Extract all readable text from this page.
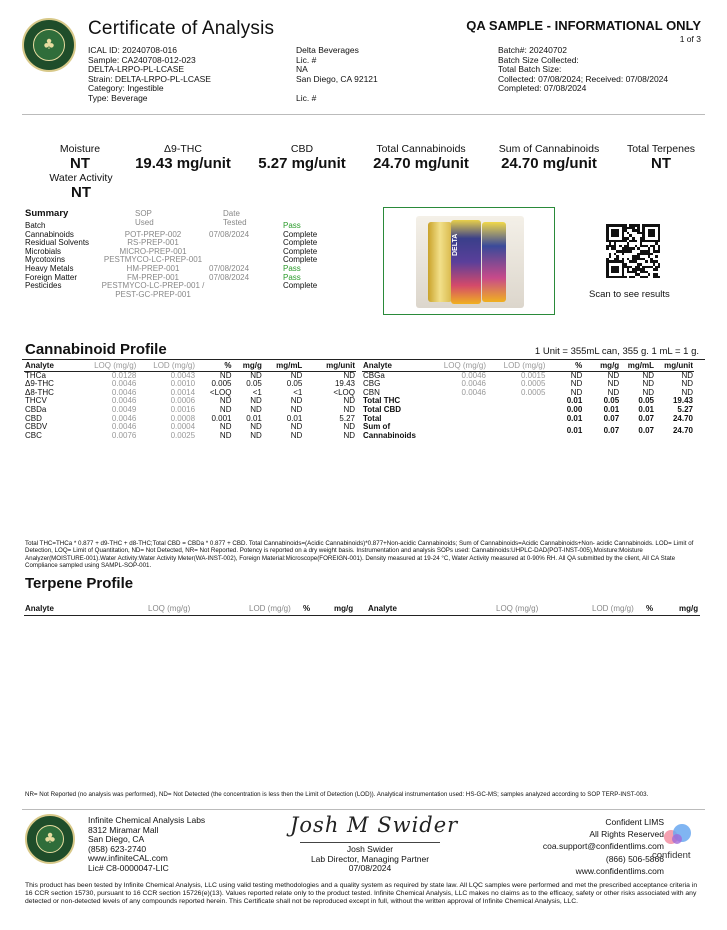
♣
Certificate of Analysis	QA SAMPLE - INFORMATIONAL ONLY
1 of 3
ICAL ID: 20240708-016
Sample: CA240708-012-023
DELTA-LRPO-PL-LCASE
Strain: DELTA-LRPO-PL-LCASE
Category: Ingestible
Type: Beverage
Delta Beverages
Lic. #
NA
San Diego, CA 92121
Lic. #
Batch#: 20240702
Batch Size Collected:
Total Batch Size:
Collected: 07/08/2024; Received: 07/08/2024
Completed: 07/08/2024
Moisture
NT
Δ9-THC
19.43 mg/unit
CBD
5.27 mg/unit
Total Cannabinoids
24.70 mg/unit
Sum of Cannabinoids
24.70 mg/unit
Total Terpenes
NT
Water Activity
NT
Summary	SOP Used
Date Tested
Batch			Pass
Cannabinoids	POT-PREP-002	07/08/2024	Complete
Residual Solvents	RS-PREP-001		Complete
Microbials	MICRO-PREP-001		Complete
Mycotoxins	PESTMYCO-LC-PREP-001		Complete
Heavy Metals	HM-PREP-001	07/08/2024	Pass
Foreign Matter	FM-PREP-001	07/08/2024	Pass
Pesticides	PESTMYCO-LC-PREP-001 / PEST-GC-PREP-001		Complete
DELTA
Scan to see results
Cannabinoid Profile	1 Unit = 355mL can, 355 g. 1 mL = 1 g.
Analyte	LOQ (mg/g)	LOD (mg/g)	%	mg/g	mg/mL	mg/unit
THCa	0.0128	0.0043	ND	ND	ND	ND
Δ9-THC	0.0046	0.0010	0.005	0.05	0.05	19.43
Δ8-THC	0.0046	0.0014	<LOQ	<1	<1	<LOQ
THCV	0.0046	0.0006	ND	ND	ND	ND
CBDa	0.0049	0.0016	ND	ND	ND	ND
CBD	0.0046	0.0008	0.001	0.01	0.01	5.27
CBDV	0.0046	0.0004	ND	ND	ND	ND
CBC	0.0076	0.0025	ND	ND	ND	ND
Analyte	LOQ (mg/g)	LOD (mg/g)	%	mg/g	mg/mL	mg/unit
CBGa	0.0046	0.0015	ND	ND	ND	ND
CBG	0.0046	0.0005	ND	ND	ND	ND
CBN	0.0046	0.0005	ND	ND	ND	ND
Total THC			0.01	0.05	0.05	19.43
Total CBD			0.00	0.01	0.01	5.27
Total			0.01	0.07	0.07	24.70
Sum of Cannabinoids			0.01	0.07	0.07	24.70
Total THC=THCa * 0.877 + d9-THC + d8-THC;Total CBD = CBDa * 0.877 + CBD. Total Cannabinoids=(Acidic Cannabinoids)*0.877+Non-acidic Cannabinoids; Sum of Cannabinoids=Acidic Cannabinoids+Non- acidic Cannabinoids. LOD= Limit of Detection, LOQ= Limit of Quantitation, ND= Not Detected, NR= Not Reported. Potency is reported on a dry weight basis. Instrumentation and analysis SOPs used: Cannabinoids:UHPLC-DAD(POT-INST-005),Moisture:Moisture Analyzer(MOISTURE-001).Water Activity:Water Activity Meter(WA-INST-002), Foreign Material:Microscope(FOREIGN-001). Density measured at 19-24 °C, Water Activity measured at 0-90% RH. All QA submitted by the client, All CA State Compliance sampled using SAMPL-SOP-001.
Terpene Profile
Analyte	LOQ (mg/g)	LOD (mg/g) %	mg/g Analyte	LOQ (mg/g)	LOD (mg/g) %	mg/g
NR= Not Reported (no analysis was performed), ND= Not Detected (the concentration is less then the Limit of Detection (LOD)). Analytical instrumentation used: HS-GC-MS; samples analyzed according to SOP TERP-INST-003.
♣
Infinite Chemical Analysis Labs
8312 Miramar Mall
San Diego, CA
(858) 623-2740
www.infiniteCAL.com
Lic# C8-0000047-LIC
Josh M Swider
Josh Swider
Lab Director, Managing Partner
07/08/2024
Confident LIMS
All Rights Reserved
coa.support@confidentlims.com
(866) 506-5866
www.confidentlims.com
confident
This product has been tested by Infinite Chemical Analysis, LLC using valid testing methodologies and a quality system as required by state law. All LQC samples were performed and met the prescribed acceptance criteria in 16 CCR section 15730, pursuant to 16 CCR section 15726(e)(13). Values reported relate only to the product tested. Infinite Chemical Analysis, LLC makes no claims as to the efficacy, safety or other risks associated with any detected or non-detected levels of any compounds reported herein. This Certificate shall not be reproduced except in full, without the written approval of Infinite Chemical Analysis, LLC.
